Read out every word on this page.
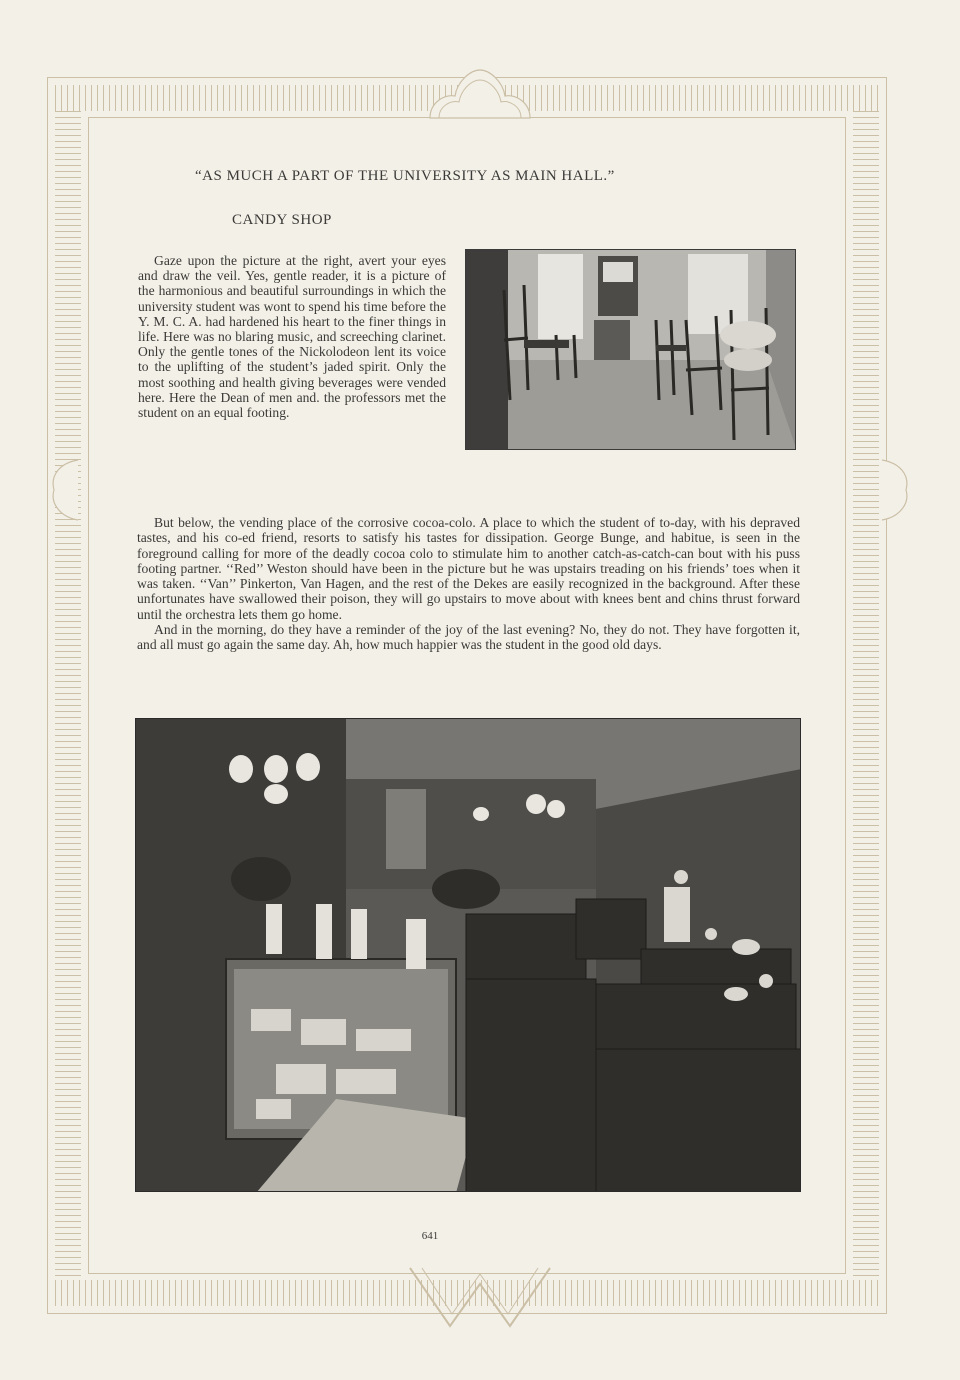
“AS MUCH A PART OF THE UNIVERSITY AS MAIN HALL.”
CANDY SHOP
Gaze upon the picture at the right, avert your eyes and draw the veil. Yes, gentle reader, it is a picture of the harmonious and beautiful surroundings in which the university student was wont to spend his time before the Y. M. C. A. had hardened his heart to the finer things in life. Here was no blaring music, and screeching clarinet. Only the gentle tones of the Nickolodeon lent its voice to the uplifting of the student’s jaded spirit. Only the most soothing and health giving beverages were vended here. Here the Dean of men and. the professors met the student on an equal footing.

But below, the vending place of the corrosive cocoa-colo. A place to which the student of to-day, with his depraved tastes, and his co-ed friend, resorts to satisfy his tastes for dissipation. George Bunge, and habitue, is seen in the foreground calling for more of the deadly cocoa colo to stimulate him to another catch-as-catch-can bout with his puss footing partner. ‘‘Red’’ Weston should have been in the picture but he was upstairs treading on his friends’ toes when it was taken. ‘‘Van’’ Pinkerton, Van Hagen, and the rest of the Dekes are easily recognized in the background. After these unfortunates have swallowed their poison, they will go upstairs to move about with knees bent and chins thrust forward until the orchestra lets them go home.

And in the morning, do they have a reminder of the joy of the last evening? No, they do not. They have forgotten it, and all must go again the same day. Ah, how much happier was the student in the good old days.

641
